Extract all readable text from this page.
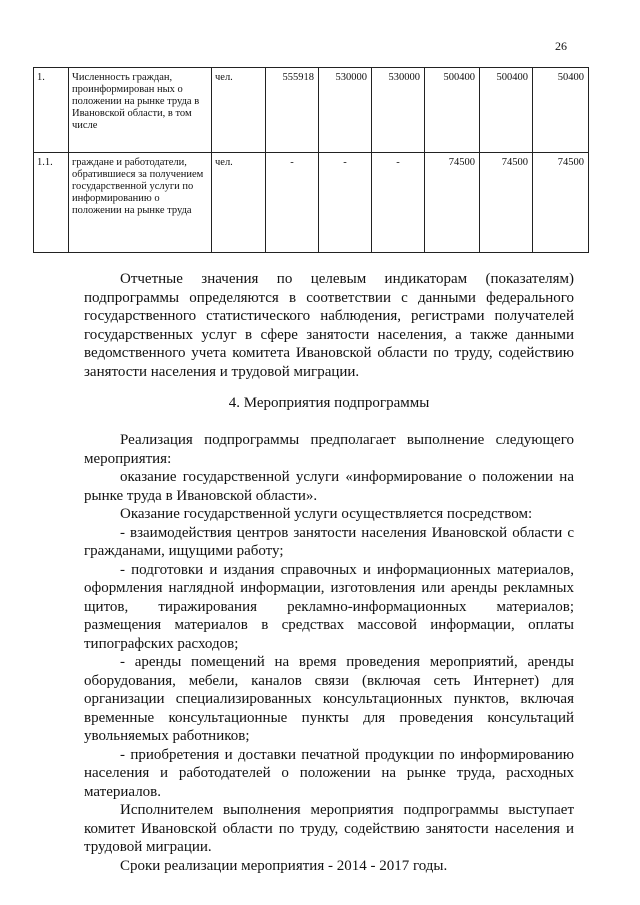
26
1.	Численность граждан, проинформирован ных о положении на рынке труда в Ивановской области, в том числе	чел.	555918	530000	530000	500400	500400	50400
1.1.	граждане и работодатели, обратившиеся за получением государственной услуги по информированию о положении на рынке труда	чел.	-	-	-	74500	74500	74500

Отчетные значения по целевым индикаторам (показателям) подпрограммы определяются в соответствии с данными федерального государственного статистического наблюдения, регистрами получателей государственных услуг в сфере занятости населения, а также данными ведомственного учета комитета Ивановской области по труду, содействию занятости населения и трудовой миграции.

4. Мероприятия подпрограммы

Реализация подпрограммы предполагает выполнение следующего мероприятия:

оказание государственной услуги «информирование о положении на рынке труда в Ивановской области».

Оказание государственной услуги осуществляется посредством:

- взаимодействия центров занятости населения Ивановской области с гражданами, ищущими работу;

- подготовки и издания справочных и информационных материалов, оформления наглядной информации, изготовления или аренды рекламных щитов, тиражирования рекламно-информационных материалов; размещения материалов в средствах массовой информации, оплаты типографских расходов;

- аренды помещений на время проведения мероприятий, аренды оборудования, мебели, каналов связи (включая сеть Интернет) для организации специализированных консультационных пунктов, включая временные консультационные пункты для проведения консультаций увольняемых работников;

- приобретения и доставки печатной продукции по информированию населения и работодателей о положении на рынке труда, расходных материалов.

Исполнителем выполнения мероприятия подпрограммы выступает комитет Ивановской области по труду, содействию занятости населения и трудовой миграции.

Сроки реализации мероприятия - 2014 - 2017 годы.
